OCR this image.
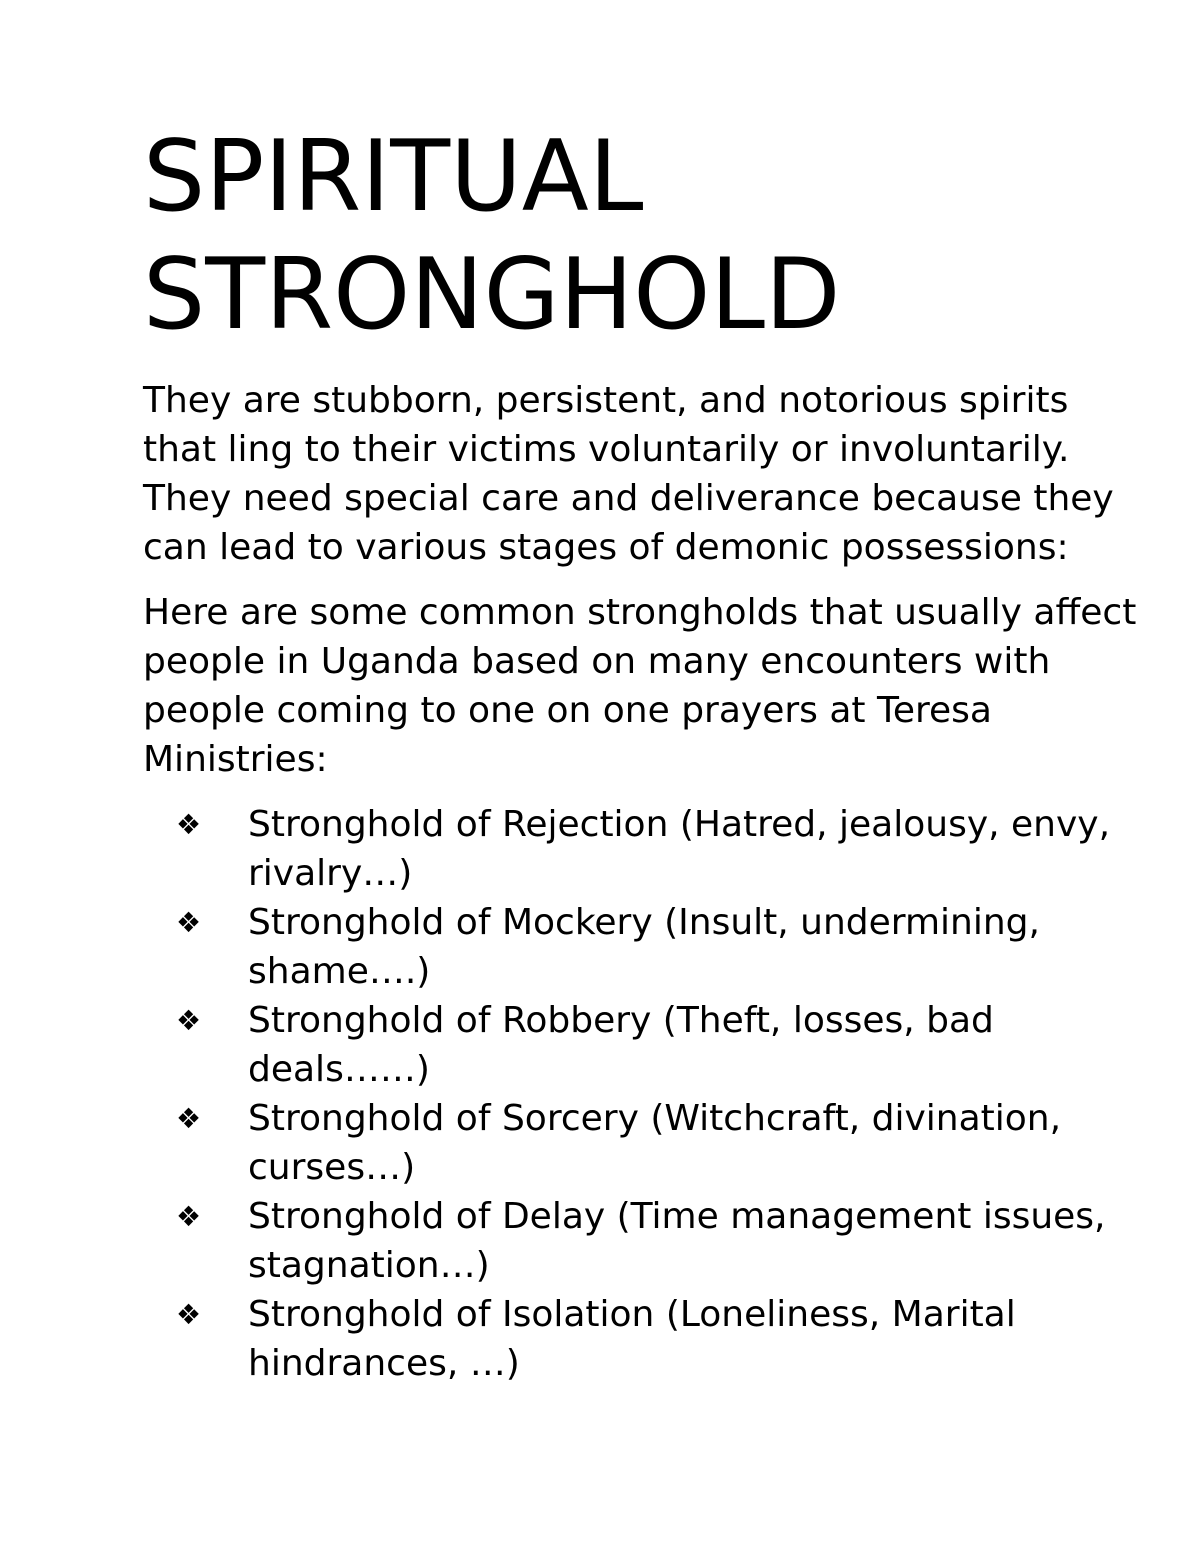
SPIRITUAL
STRONGHOLD

They are stubborn, persistent, and notorious spirits that ling to their victims voluntarily or involuntarily. They need special care and deliverance because they can lead to various stages of demonic possessions:

Here are some common strongholds that usually affect people in Uganda based on many encounters with people coming to one on one prayers at Teresa Ministries:

❖ Stronghold of Rejection (Hatred, jealousy, envy, rivalry…)
❖ Stronghold of Mockery (Insult, undermining, shame….)
❖ Stronghold of Robbery (Theft, losses, bad deals……)
❖ Stronghold of Sorcery (Witchcraft, divination, curses…)
❖ Stronghold of Delay (Time management issues, stagnation…)
❖ Stronghold of Isolation (Loneliness, Marital hindrances, …)
